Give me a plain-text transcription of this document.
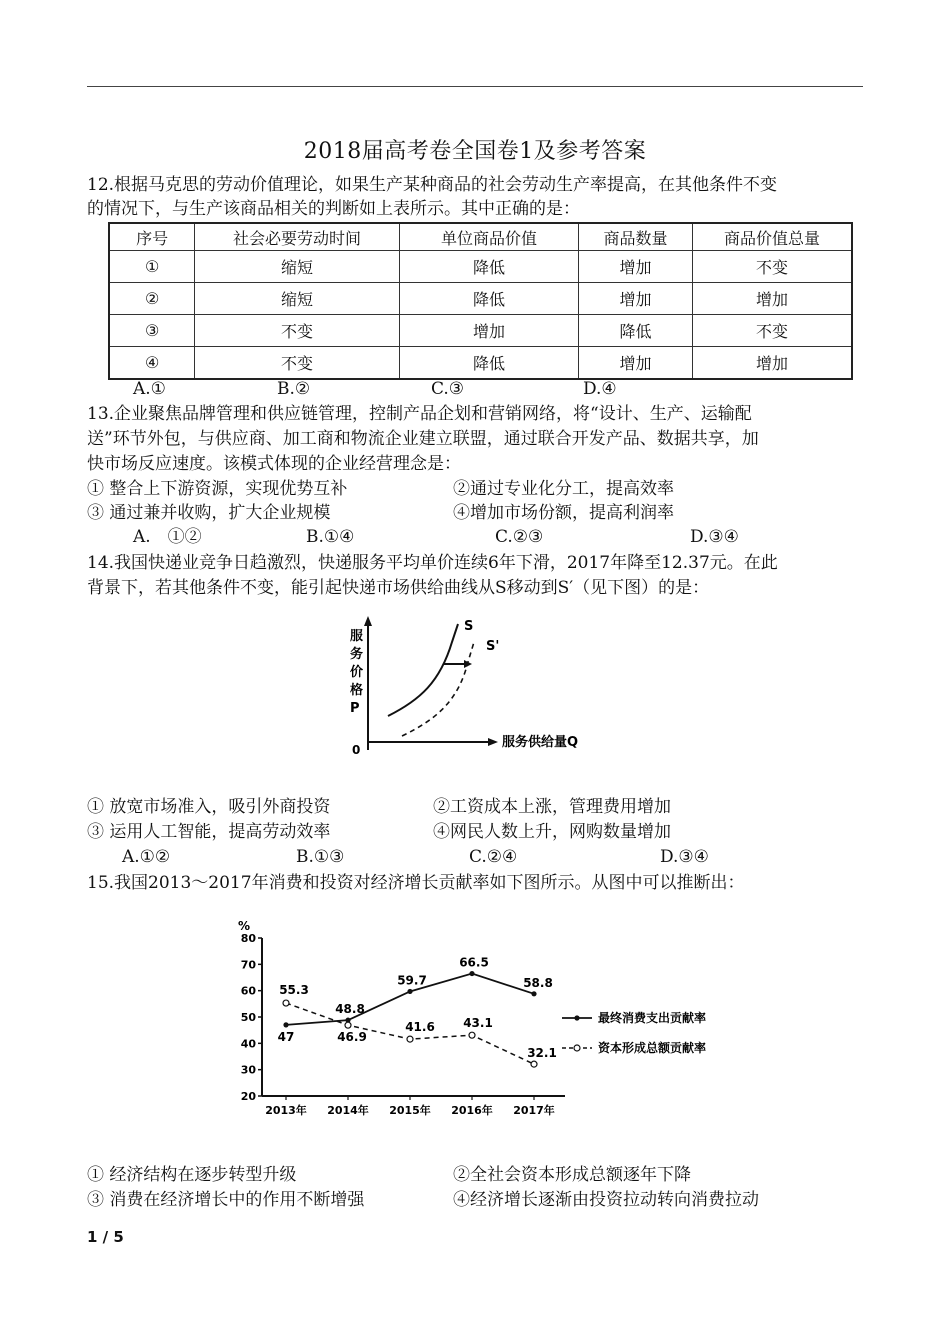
2018届高考卷全国卷1及参考答案
12.根据马克思的劳动价值理论，如果生产某种商品的社会劳动生产率提高，在其他条件不变
的情况下，与生产该商品相关的判断如上表所示。其中正确的是：
序号	社会必要劳动时间	单位商品价值	商品数量	商品价值总量
①	缩短	降低	增加	不变
②	缩短	降低	增加	增加
③	不变	增加	降低	不变
④	不变	降低	增加	增加
A.①	B.②	C.③	D.④
13.企业聚焦品牌管理和供应链管理，控制产品企划和营销网络，将“设计、生产、运输配
送”环节外包，与供应商、加工商和物流企业建立联盟，通过联合开发产品、数据共享，加
快市场反应速度。该模式体现的企业经营理念是：
① 整合上下游资源，实现优势互补	②通过专业化分工，提高效率
③ 通过兼并收购，扩大企业规模	④增加市场份额，提高利润率
A.　①②	B.①④	C.②③	D.③④
14.我国快递业竞争日趋激烈，快递服务平均单价连续6年下滑，2017年降至12.37元。在此
背景下，若其他条件不变，能引起快递市场供给曲线从S移动到S′（见下图）的是：
服
务
价
格
P
0	服务供给量Q
S
S'
① 放宽市场准入，吸引外商投资	②工资成本上涨，管理费用增加
③ 运用人工智能，提高劳动效率	④网民人数上升，网购数量增加
A.①②	B.①③	C.②④	D.③④
15.我国2013～2017年消费和投资对经济增长贡献率如下图所示。从图中可以推断出：
%
20
30
40
50
60
70
80
2013年 2014年 2015年 2016年 2017年
47
48.8
59.7
66.5
58.8
55.3
46.9
41.6 43.1
32.1
最终消费支出贡献率
资本形成总额贡献率
① 经济结构在逐步转型升级	②全社会资本形成总额逐年下降
③ 消费在经济增长中的作用不断增强	④经济增长逐渐由投资拉动转向消费拉动
1 / 5
